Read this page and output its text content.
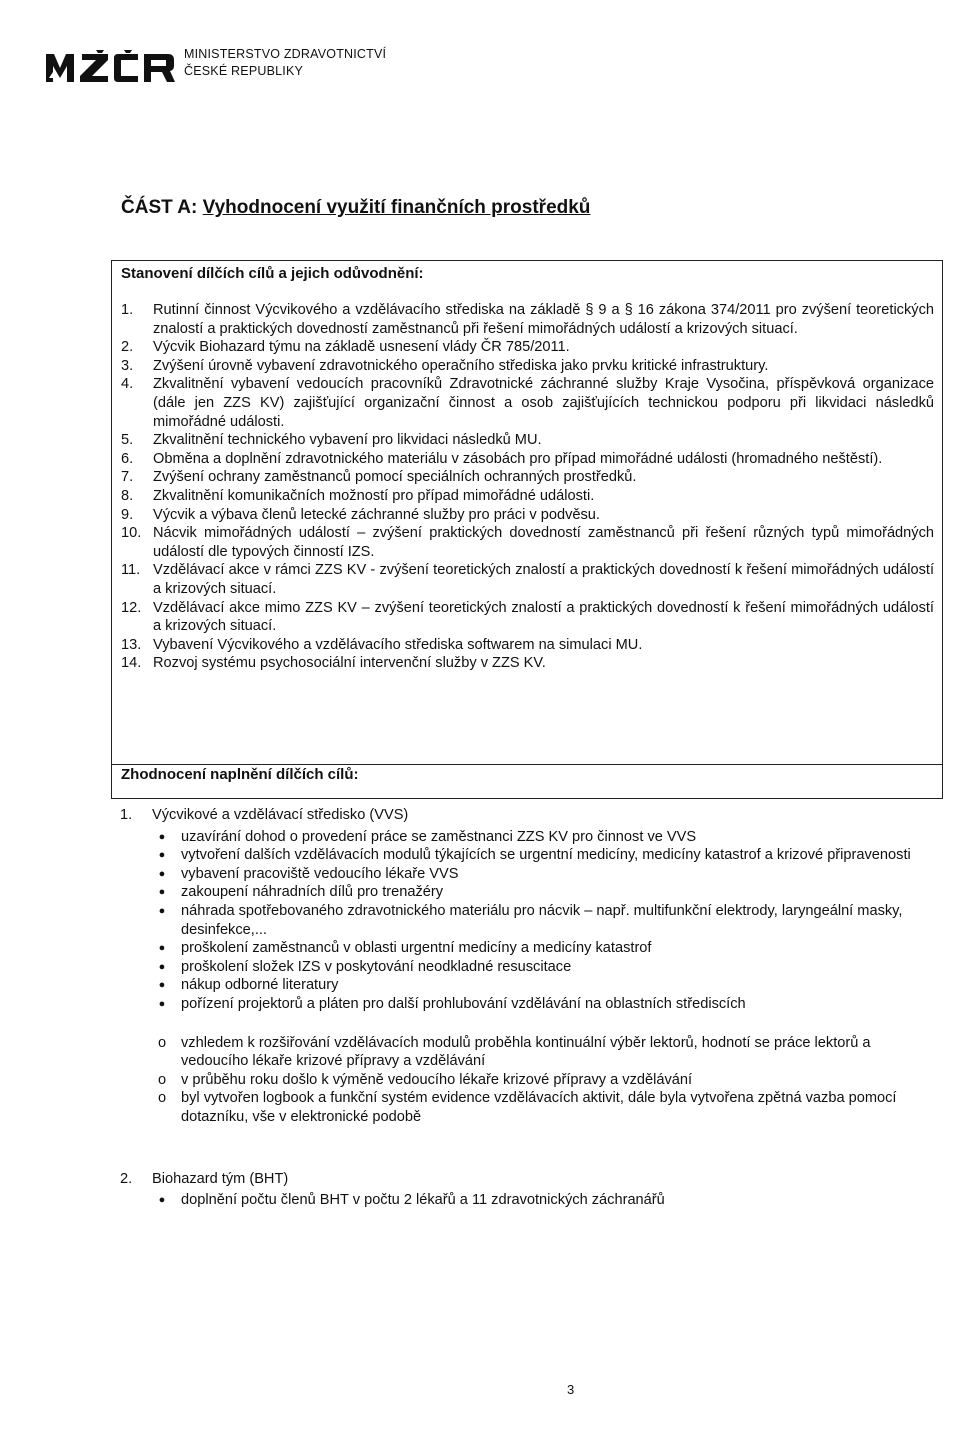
MINISTERSTVO ZDRAVOTNICTVÍ
ČESKÉ REPUBLIKY
ČÁST A: Vyhodnocení využití finančních prostředků
Stanovení dílčích cílů a jejich odůvodnění:
1. Rutinní činnost Výcvikového a vzdělávacího střediska na základě § 9 a § 16 zákona 374/2011 pro zvýšení teoretických znalostí a praktických dovedností zaměstnanců při řešení mimořádných událostí a krizových situací.
2. Výcvik Biohazard týmu na základě usnesení vlády ČR 785/2011.
3. Zvýšení úrovně vybavení zdravotnického operačního střediska jako prvku kritické infrastruktury.
4. Zkvalitnění vybavení vedoucích pracovníků Zdravotnické záchranné služby Kraje Vysočina, příspěvková organizace (dále jen ZZS KV) zajišťující organizační činnost a osob zajišťujících technickou podporu při likvidaci následků mimořádné události.
5. Zkvalitnění technického vybavení pro likvidaci následků MU.
6. Obměna a doplnění zdravotnického materiálu v zásobách pro případ mimořádné události (hromadného neštěstí).
7. Zvýšení ochrany zaměstnanců pomocí speciálních ochranných prostředků.
8. Zkvalitnění komunikačních možností pro případ mimořádné události.
9. Výcvik a výbava členů letecké záchranné služby pro práci v podvěsu.
10. Nácvik mimořádných událostí – zvýšení praktických dovedností zaměstnanců při řešení různých typů mimořádných událostí dle typových činností IZS.
11. Vzdělávací akce v rámci ZZS KV - zvýšení teoretických znalostí a praktických dovedností k řešení mimořádných událostí a krizových situací.
12. Vzdělávací akce mimo ZZS KV – zvýšení teoretických znalostí a praktických dovedností k řešení mimořádných událostí a krizových situací.
13. Vybavení Výcvikového a vzdělávacího střediska softwarem na simulaci MU.
14. Rozvoj systému psychosociální intervenční služby v ZZS KV.
Zhodnocení naplnění dílčích cílů:
1. Výcvikové a vzdělávací středisko (VVS)
●	uzavírání dohod o provedení práce se zaměstnanci ZZS KV pro činnost ve VVS
●	vytvoření dalších vzdělávacích modulů týkajících se urgentní medicíny, medicíny katastrof a krizové připravenosti
●	vybavení pracoviště vedoucího lékaře VVS
●	zakoupení náhradních dílů pro trenažéry
●	náhrada spotřebovaného zdravotnického materiálu pro nácvik – např. multifunkční elektrody, laryngeální masky, desinfekce,...
●	proškolení zaměstnanců v oblasti urgentní medicíny a medicíny katastrof
●	proškolení složek IZS v poskytování neodkladné resuscitace
●	nákup odborné literatury
●	pořízení projektorů a pláten pro další prohlubování vzdělávání na oblastních střediscích
o	vzhledem k rozšiřování vzdělávacích modulů proběhla kontinuální výběr lektorů, hodnotí se práce lektorů a vedoucího lékaře krizové přípravy a vzdělávání
o	v průběhu roku došlo k výměně vedoucího lékaře krizové přípravy a vzdělávání
o	byl vytvořen logbook a funkční systém evidence vzdělávacích aktivit, dále byla vytvořena zpětná vazba pomocí dotazníku, vše v elektronické podobě
2. Biohazard tým (BHT)
●	doplnění počtu členů BHT v počtu 2 lékařů a 11 zdravotnických záchranářů
3
